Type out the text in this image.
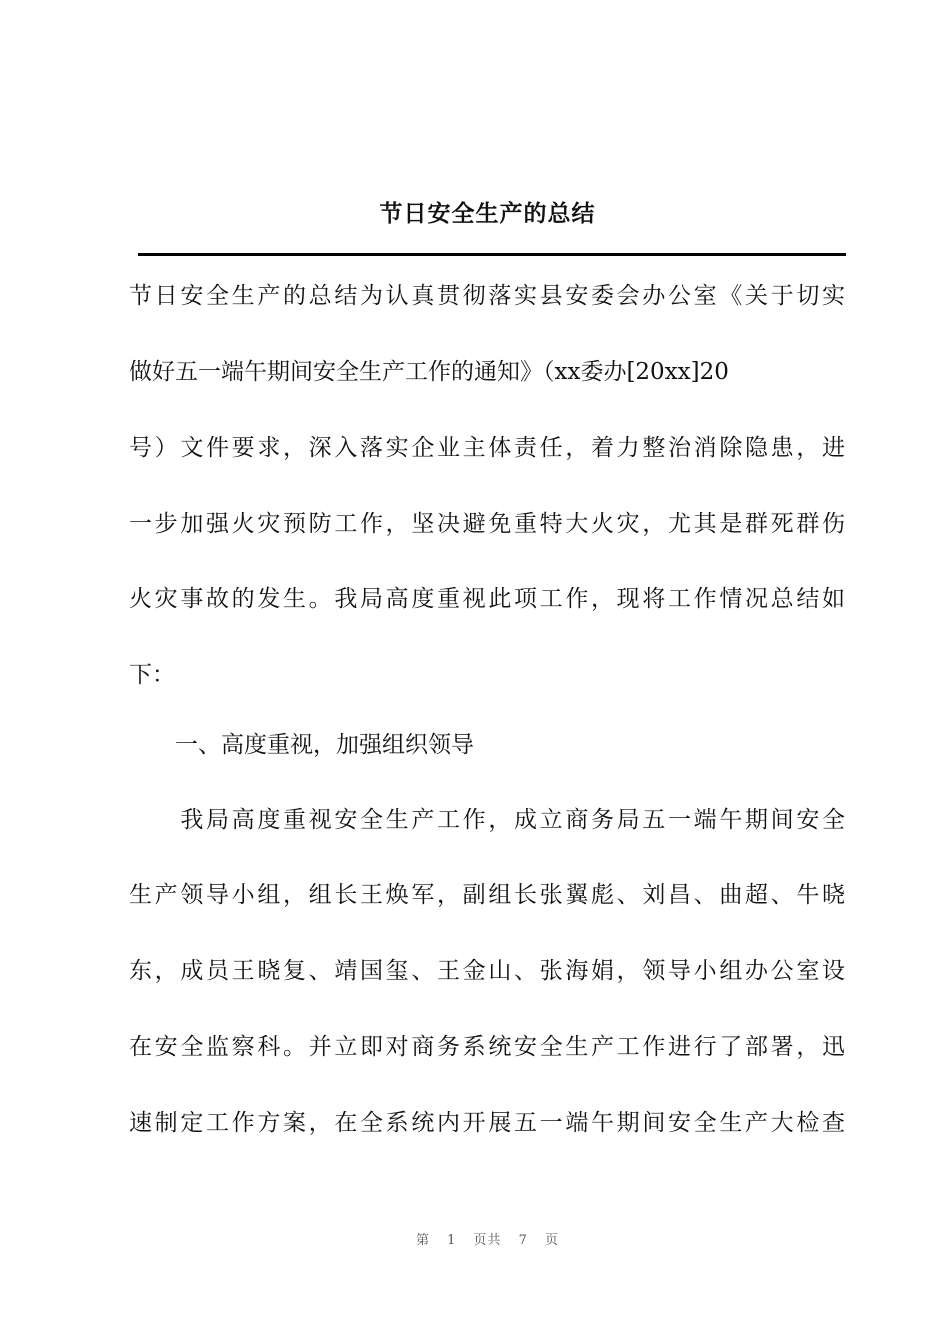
节日安全生产的总结
节日安全生产的总结为认真贯彻落实县安委会办公室《关于切实
做好五一端午期间安全生产工作的通知》（xx委办[20xx]20
号）文件要求，深入落实企业主体责任，着力整治消除隐患，进
一步加强火灾预防工作，坚决避免重特大火灾，尤其是群死群伤
火灾事故的发生。我局高度重视此项工作，现将工作情况总结如
下：
　　一、高度重视，加强组织领导
　　我局高度重视安全生产工作，成立商务局五一端午期间安全
生产领导小组，组长王焕军，副组长张翼彪、刘昌、曲超、牛晓
东，成员王晓复、靖国玺、王金山、张海娟，领导小组办公室设
在安全监察科。并立即对商务系统安全生产工作进行了部署，迅
速制定工作方案，在全系统内开展五一端午期间安全生产大检查
第 1 页共 7 页
